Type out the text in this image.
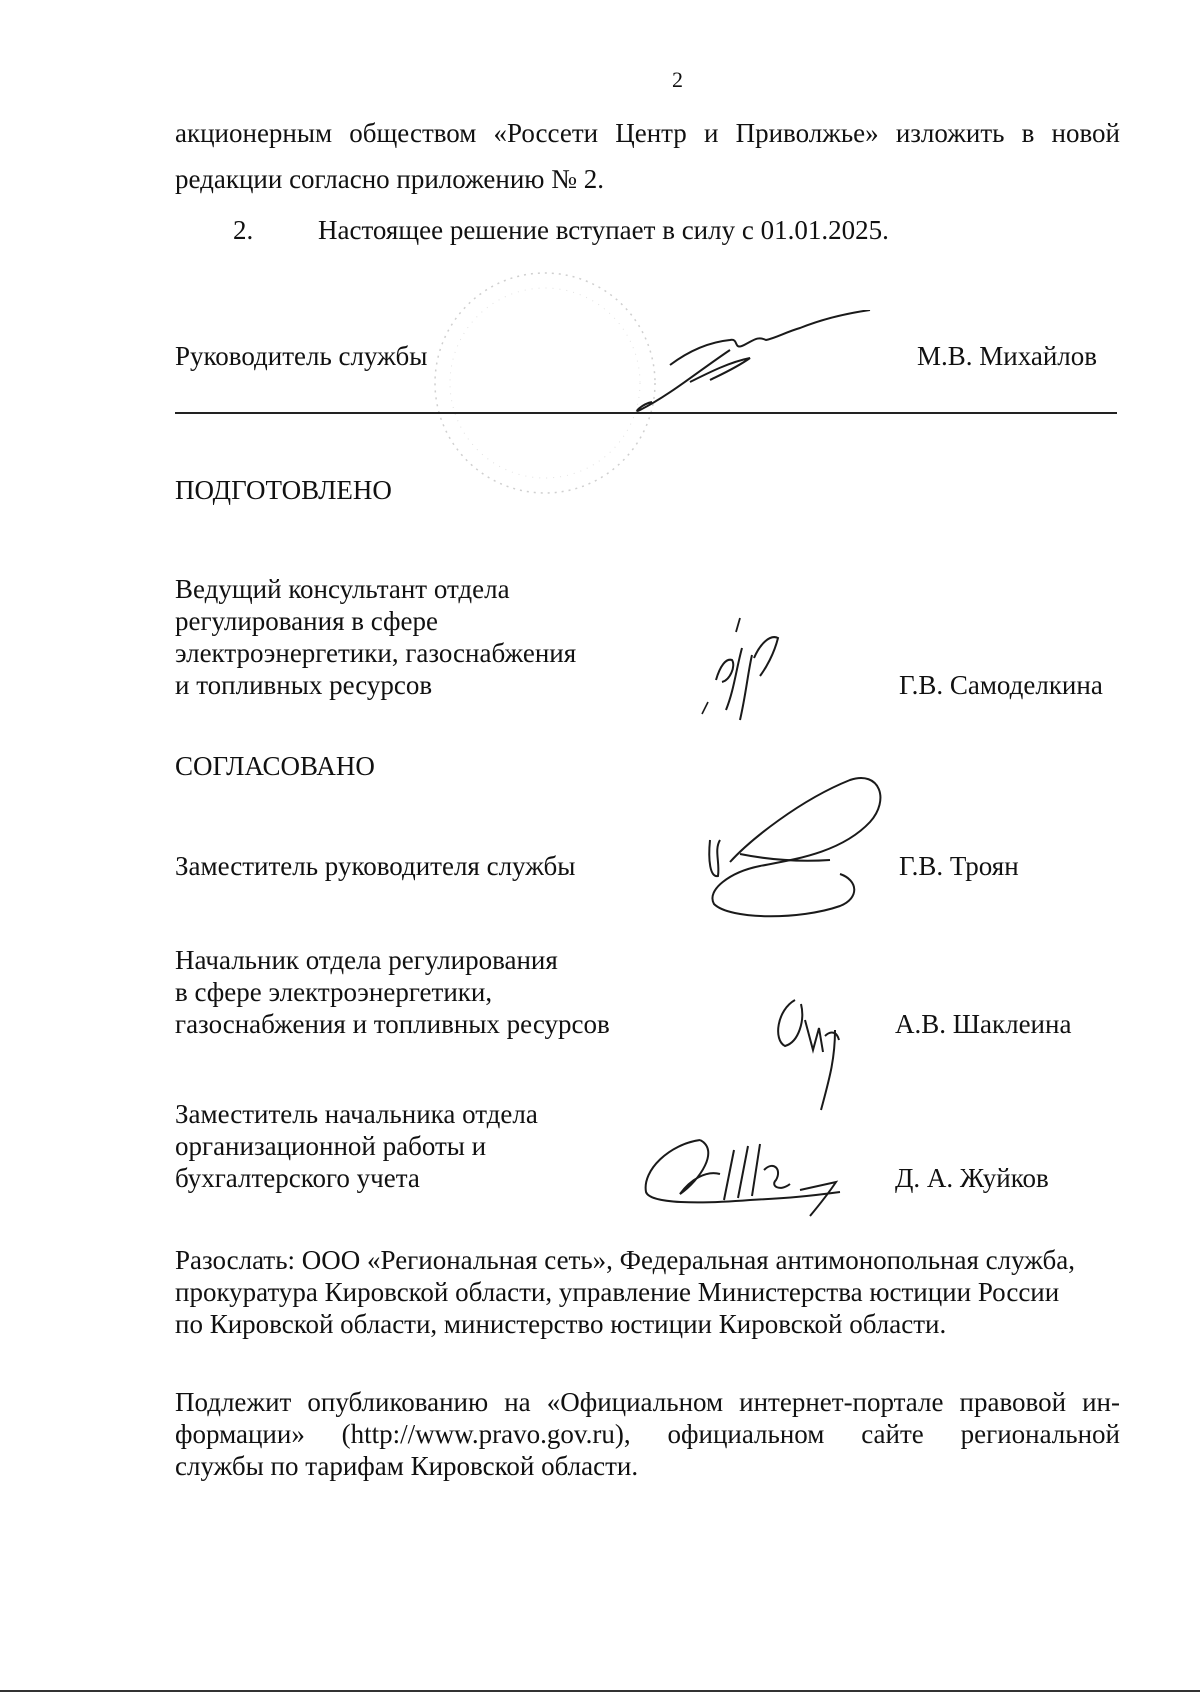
2
акционерным обществом «Россети Центр и Приволжье» изложить в новой
редакции согласно приложению № 2.
2. Настоящее решение вступает в силу с 01.01.2025.
Руководитель службы	М.В. Михайлов
ПОДГОТОВЛЕНО
Ведущий консультант отдела
регулирования в сфере
электроэнергетики, газоснабжения
и топливных ресурсов	Г.В. Самоделкина
СОГЛАСОВАНО
Заместитель руководителя службы	Г.В. Троян
Начальник отдела регулирования
в сфере электроэнергетики,
газоснабжения и топливных ресурсов	А.В. Шаклеина
Заместитель начальника отдела
организационной работы и
бухгалтерского учета	Д. А. Жуйков
Разослать: ООО «Региональная сеть», Федеральная антимонопольная служба,
прокуратура Кировской области, управление Министерства юстиции России
по Кировской области, министерство юстиции Кировской области.
Подлежит опубликованию на «Официальном интернет-портале правовой ин-
формации» (http://www.pravo.gov.ru), официальном сайте региональной
службы по тарифам Кировской области.
